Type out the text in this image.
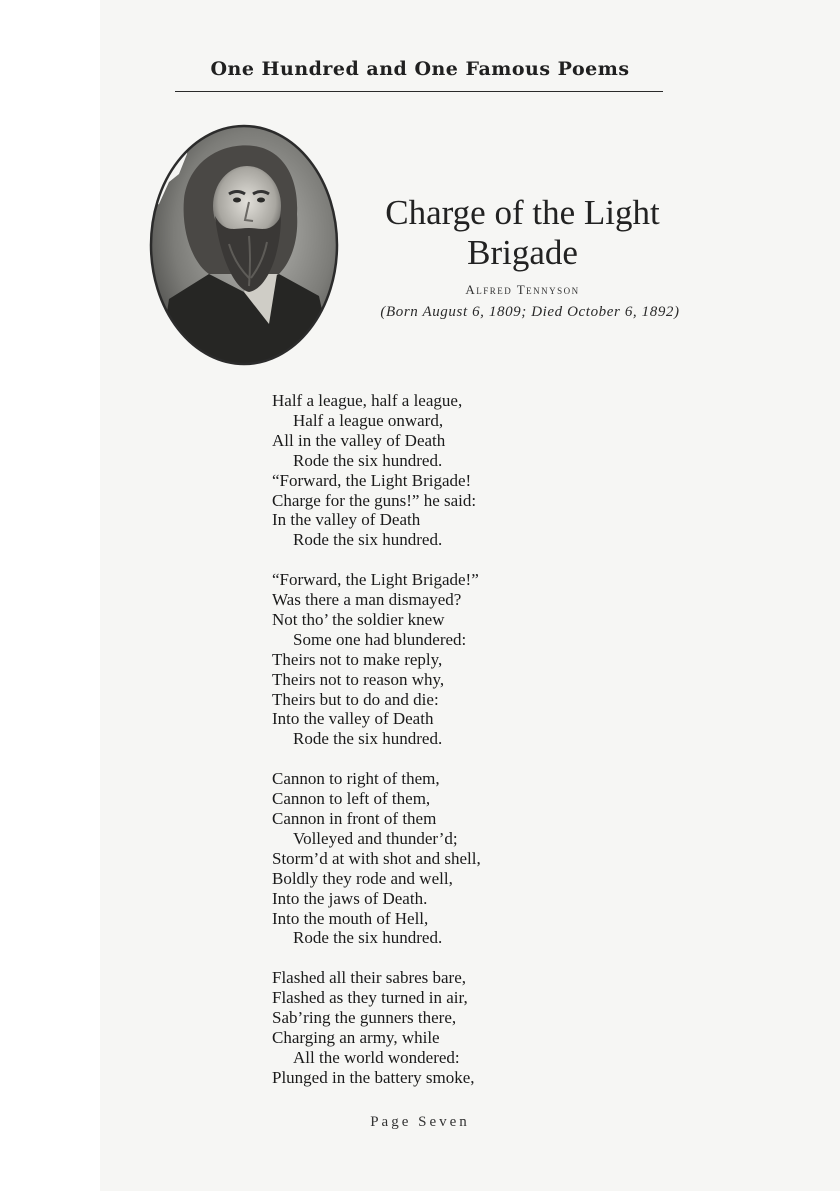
One Hundred and One Famous Poems
Charge of the Light Brigade
Alfred Tennyson
(Born August 6, 1809; Died October 6, 1892)
Half a league, half a league,
Half a league onward,
All in the valley of Death
Rode the six hundred.
“Forward, the Light Brigade!
Charge for the guns!” he said:
In the valley of Death
Rode the six hundred.
“Forward, the Light Brigade!”
Was there a man dismayed?
Not tho’ the soldier knew
Some one had blundered:
Theirs not to make reply,
Theirs not to reason why,
Theirs but to do and die:
Into the valley of Death
Rode the six hundred.
Cannon to right of them,
Cannon to left of them,
Cannon in front of them
Volleyed and thunder’d;
Storm’d at with shot and shell,
Boldly they rode and well,
Into the jaws of Death.
Into the mouth of Hell,
Rode the six hundred.
Flashed all their sabres bare,
Flashed as they turned in air,
Sab’ring the gunners there,
Charging an army, while
All the world wondered:
Plunged in the battery smoke,
Page Seven
